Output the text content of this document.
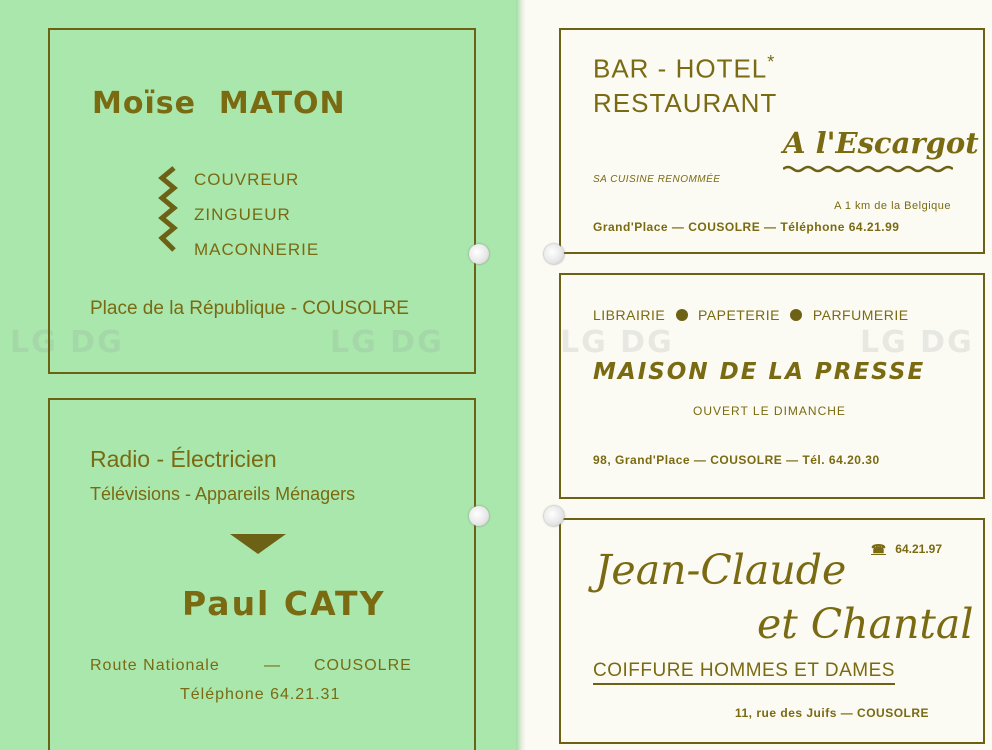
LG DG	LG DG	LG DG	LG DG
Moïse MATON
COUVREUR
ZINGUEUR
MACONNERIE
Place de la République - COUSOLRE
Radio - Électricien
Télévisions - Appareils Ménagers
Paul CATY
Route Nationale	— COUSOLRE
Téléphone 64.21.31
BAR - HOTEL*
RESTAURANT
A l'Escargot
SA CUISINE RENOMMÉE
A 1 km de la Belgique
Grand'Place — COUSOLRE — Téléphone 64.21.99
LIBRAIRIE PAPETERIE PARFUMERIE
MAISON DE LA PRESSE
OUVERT LE DIMANCHE
98, Grand'Place — COUSOLRE — Tél. 64.20.30
☎ 64.21.97
Jean-Claude
et Chantal
COIFFURE HOMMES ET DAMES
11, rue des Juifs — COUSOLRE
